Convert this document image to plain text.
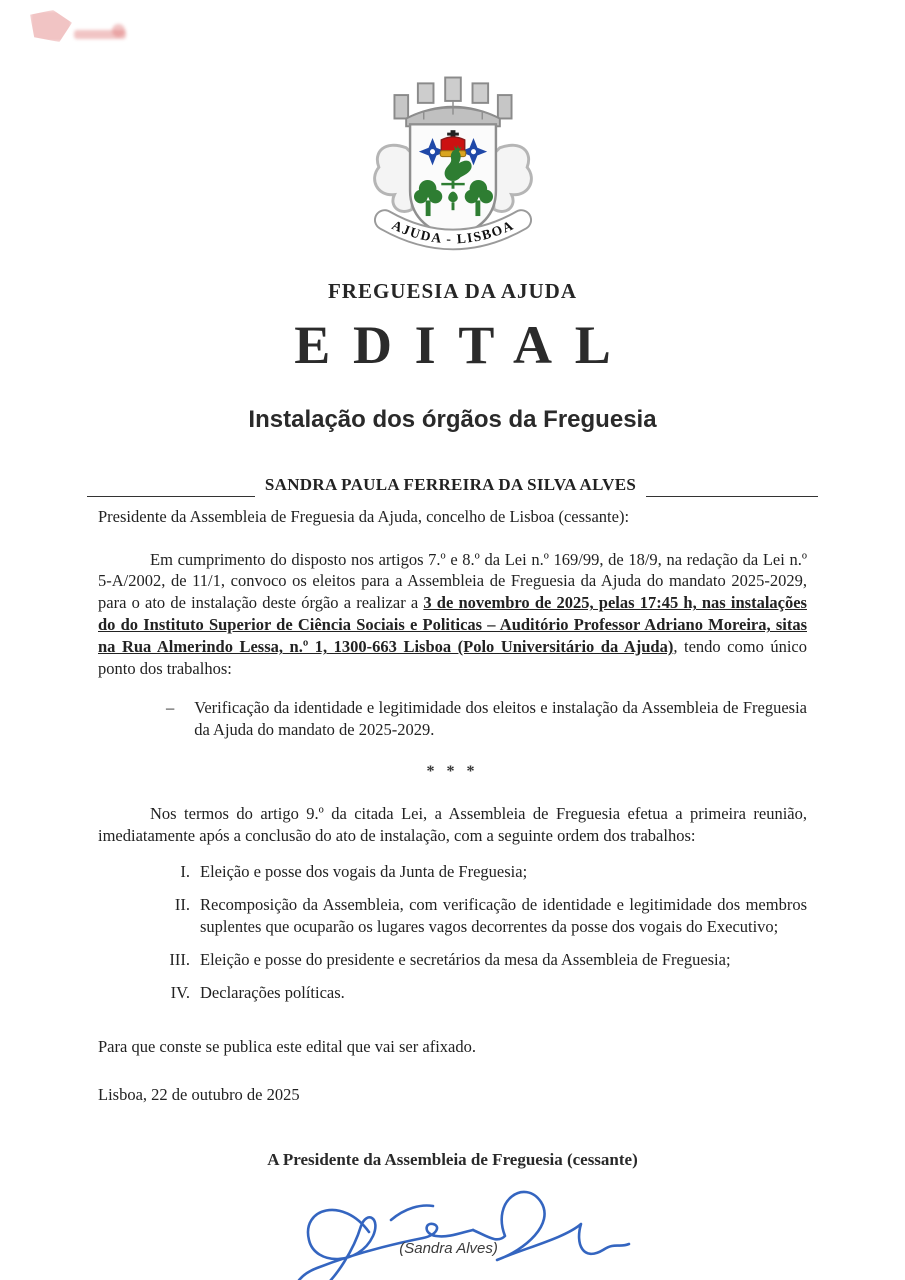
AJUDA - LISBOA
FREGUESIA DA AJUDA
EDITAL
Instalação dos órgãos da Freguesia
SANDRA PAULA FERREIRA DA SILVA ALVES
Presidente da Assembleia de Freguesia da Ajuda, concelho de Lisboa (cessante):

Em cumprimento do disposto nos artigos 7.º e 8.º da Lei n.º 169/99, de 18/9, na redação da Lei n.º 5-A/2002, de 11/1, convoco os eleitos para a Assembleia de Freguesia da Ajuda do mandato 2025-2029, para o ato de instalação deste órgão a realizar a 3 de novembro de 2025, pelas 17:45 h, nas instalações do do Instituto Superior de Ciência Sociais e Politicas – Auditório Professor Adriano Moreira, sitas na Rua Almerindo Lessa, n.º 1, 1300-663 Lisboa (Polo Universitário da Ajuda), tendo como único ponto dos trabalhos:

– Verificação da identidade e legitimidade dos eleitos e instalação da Assembleia de Freguesia da Ajuda do mandato de 2025-2029.
* * *

Nos termos do artigo 9.º da citada Lei, a Assembleia de Freguesia efetua a primeira reunião, imediatamente após a conclusão do ato de instalação, com a seguinte ordem dos trabalhos:

I. Eleição e posse dos vogais da Junta de Freguesia;
II. Recomposição da Assembleia, com verificação de identidade e legitimidade dos membros suplentes que ocuparão os lugares vagos decorrentes da posse dos vogais do Executivo;
III. Eleição e posse do presidente e secretários da mesa da Assembleia de Freguesia;
IV. Declarações políticas.
Para que conste se publica este edital que vai ser afixado.
Lisboa, 22 de outubro de 2025
A Presidente da Assembleia de Freguesia (cessante)
(Sandra Alves)
